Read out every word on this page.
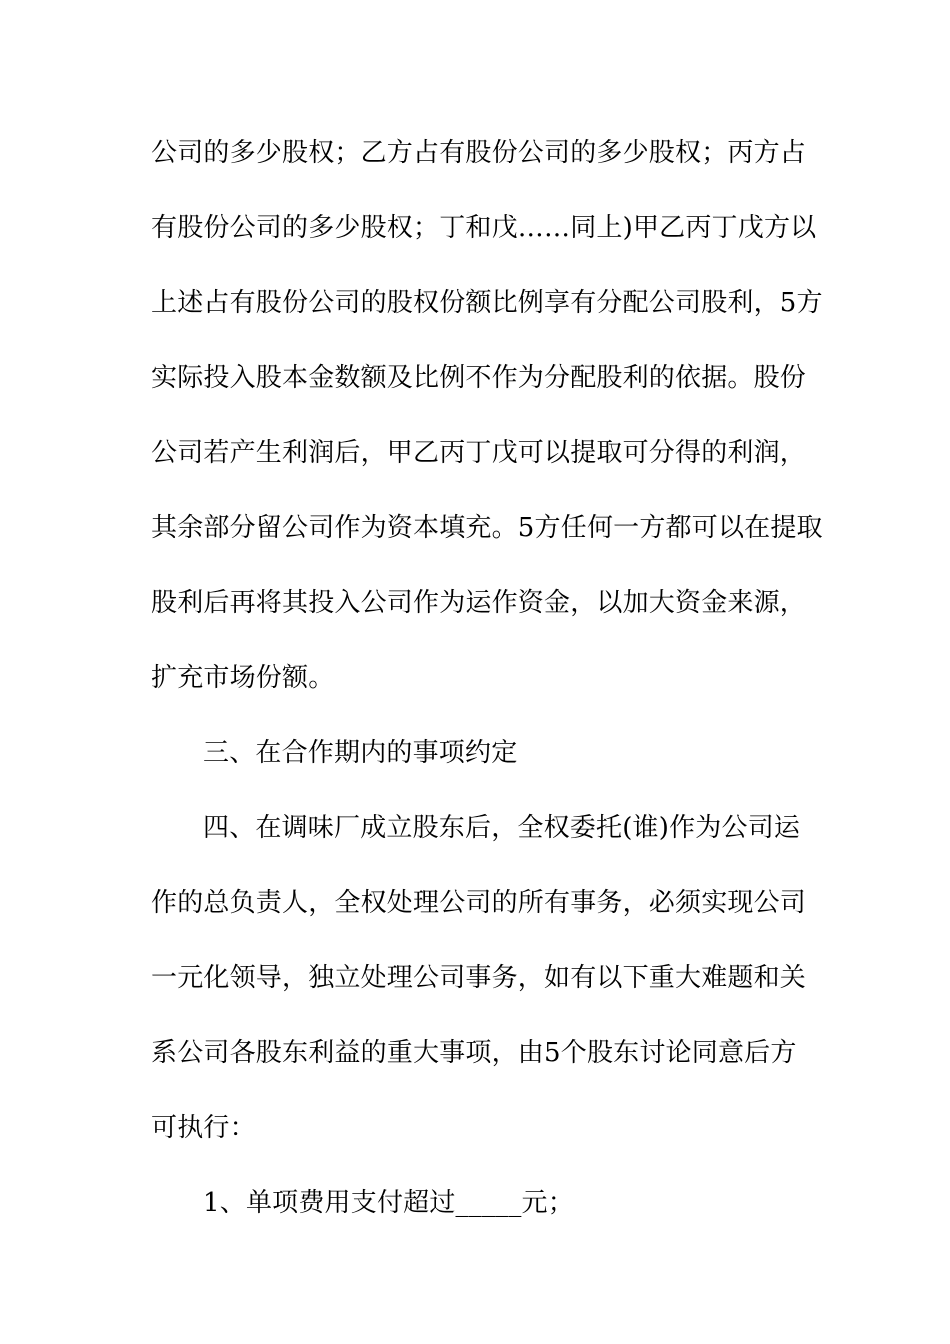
公司的多少股权；乙方占有股份公司的多少股权；丙方占
有股份公司的多少股权；丁和戊……同上)甲乙丙丁戊方以
上述占有股份公司的股权份额比例享有分配公司股利，5方
实际投入股本金数额及比例不作为分配股利的依据。股份
公司若产生利润后，甲乙丙丁戊可以提取可分得的利润，
其余部分留公司作为资本填充。5方任何一方都可以在提取
股利后再将其投入公司作为运作资金，以加大资金来源，
扩充市场份额。
三、在合作期内的事项约定
四、在调味厂成立股东后，全权委托(谁)作为公司运
作的总负责人，全权处理公司的所有事务，必须实现公司
一元化领导，独立处理公司事务，如有以下重大难题和关
系公司各股东利益的重大事项，由5个股东讨论同意后方
可执行：
1、单项费用支付超过_____元；
